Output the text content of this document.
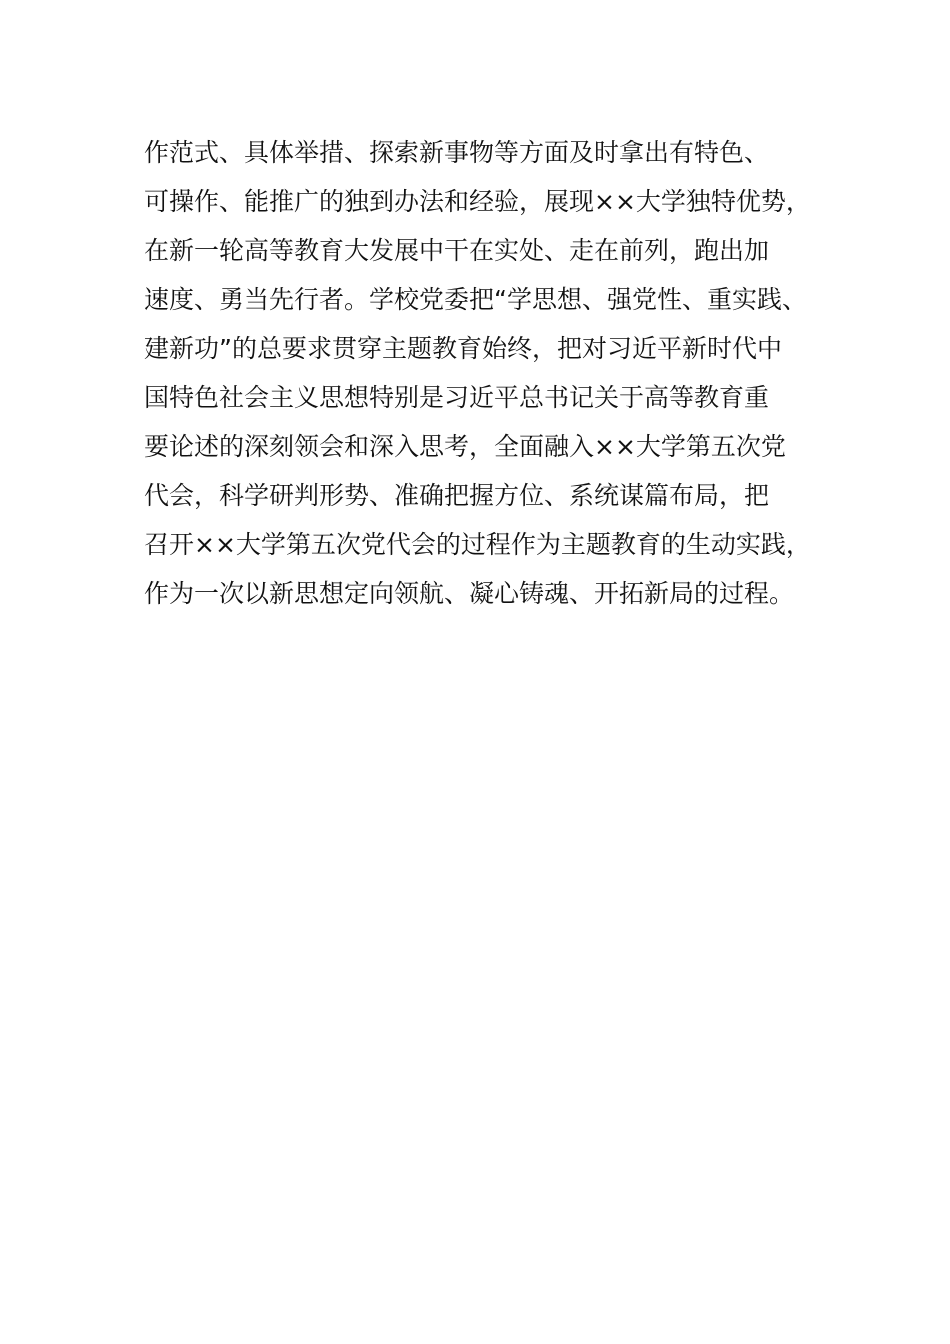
作范式、具体举措、探索新事物等方面及时拿出有特色、
可操作、能推广的独到办法和经验，展现××大学独特优势，
在新一轮高等教育大发展中干在实处、走在前列，跑出加
速度、勇当先行者。学校党委把“学思想、强党性、重实践、
建新功”的总要求贯穿主题教育始终，把对习近平新时代中
国特色社会主义思想特别是习近平总书记关于高等教育重
要论述的深刻领会和深入思考，全面融入××大学第五次党
代会，科学研判形势、准确把握方位、系统谋篇布局，把
召开××大学第五次党代会的过程作为主题教育的生动实践，
作为一次以新思想定向领航、凝心铸魂、开拓新局的过程。
